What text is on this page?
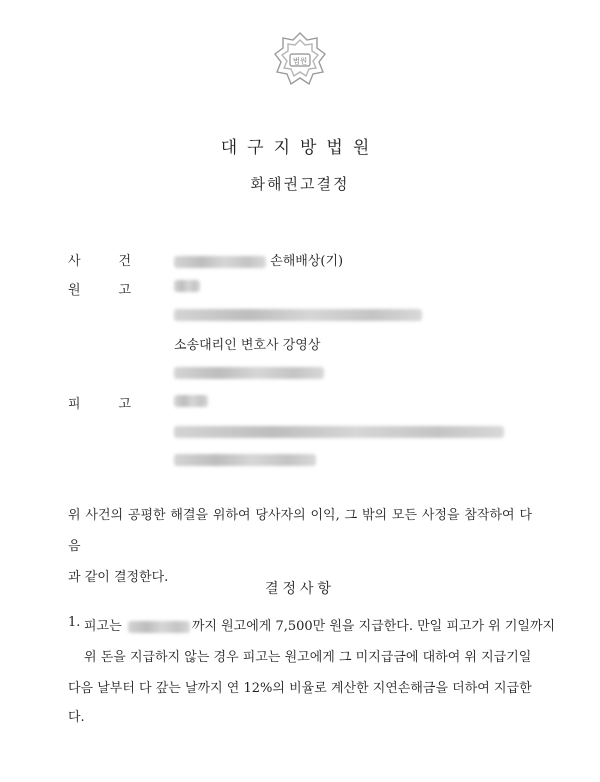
법원
대구지방법원
화해권고결정
사건	손해배상(기)
원고
소송대리인 변호사 강영상
피고
위 사건의 공평한 해결을 위하여 당사자의 이익, 그 밖의 모든 사정을 참작하여 다음
과 같이 결정한다.
결정사항
1. 피고는	까지 원고에게 7,500만 원을 지급한다. 만일 피고가 위 기일까지
위 돈을 지급하지 않는 경우 피고는 원고에게 그 미지급금에 대하여 위 지급기일
다음 날부터 다 갚는 날까지 연 12%의 비율로 계산한 지연손해금을 더하여 지급한
다.
